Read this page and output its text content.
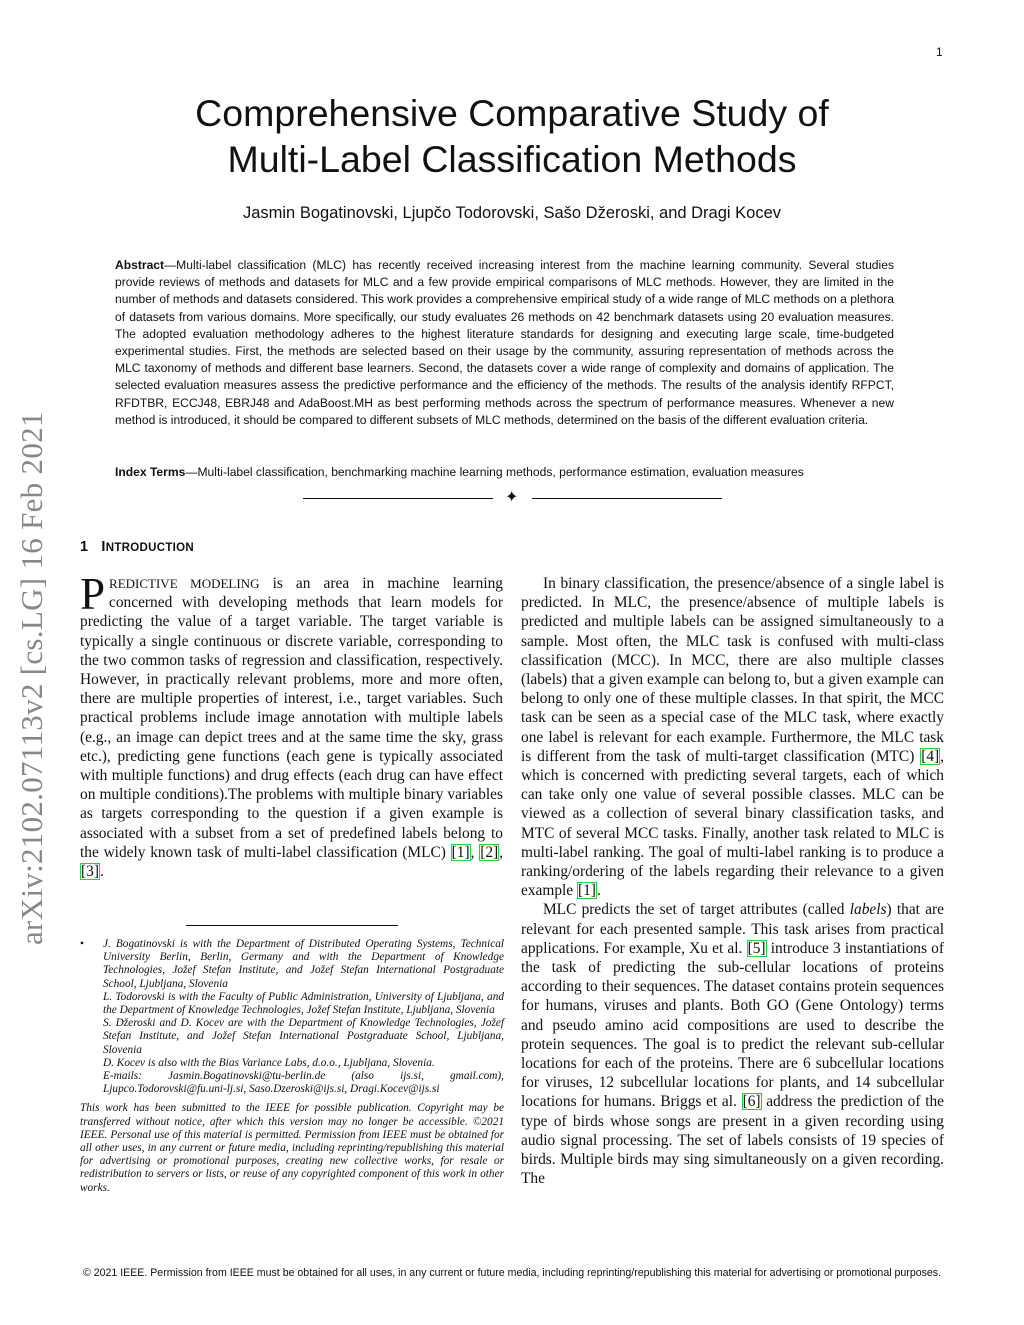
1
arXiv:2102.07113v2 [cs.LG] 16 Feb 2021
Comprehensive Comparative Study of
Multi-Label Classification Methods
Jasmin Bogatinovski, Ljupčo Todorovski, Sašo Džeroski, and Dragi Kocev
Abstract—Multi-label classification (MLC) has recently received increasing interest from the machine learning community. Several studies provide reviews of methods and datasets for MLC and a few provide empirical comparisons of MLC methods. However, they are limited in the number of methods and datasets considered. This work provides a comprehensive empirical study of a wide range of MLC methods on a plethora of datasets from various domains. More specifically, our study evaluates 26 methods on 42 benchmark datasets using 20 evaluation measures. The adopted evaluation methodology adheres to the highest literature standards for designing and executing large scale, time-budgeted experimental studies. First, the methods are selected based on their usage by the community, assuring representation of methods across the MLC taxonomy of methods and different base learners. Second, the datasets cover a wide range of complexity and domains of application. The selected evaluation measures assess the predictive performance and the efficiency of the methods. The results of the analysis identify RFPCT, RFDTBR, ECCJ48, EBRJ48 and AdaBoost.MH as best performing methods across the spectrum of performance measures. Whenever a new method is introduced, it should be compared to different subsets of MLC methods, determined on the basis of the different evaluation criteria.
Index Terms—Multi-label classification, benchmarking machine learning methods, performance estimation, evaluation measures
✦
1 INTRODUCTION

PREDICTIVE MODELING is an area in machine learning concerned with developing methods that learn models for predicting the value of a target variable. The target variable is typically a single continuous or discrete variable, corresponding to the two common tasks of regression and classification, respectively. However, in practically relevant problems, more and more often, there are multiple properties of interest, i.e., target variables. Such practical problems include image annotation with multiple labels (e.g., an image can depict trees and at the same time the sky, grass etc.), predicting gene functions (each gene is typically associated with multiple functions) and drug effects (each drug can have effect on multiple conditions).The problems with multiple binary variables as targets corresponding to the question if a given example is associated with a subset from a set of predefined labels belong to the widely known task of multi-label classification (MLC) [1], [2], [3].

• J. Bogatinovski is with the Department of Distributed Operating Systems, Technical University Berlin, Berlin, Germany and with the Department of Knowledge Technologies, Jožef Stefan Institute, and Jožef Stefan International Postgraduate School, Ljubljana, Slovenia
L. Todorovski is with the Faculty of Public Administration, University of Ljubljana, and the Department of Knowledge Technologies, Jožef Stefan Institute, Ljubljana, Slovenia
S. Džeroski and D. Kocev are with the Department of Knowledge Technologies, Jožef Stefan Institute, and Jožef Stefan International Postgraduate School, Ljubljana, Slovenia
D. Kocev is also with the Bias Variance Labs, d.o.o., Ljubljana, Slovenia.
E-mails: Jasmin.Bogatinovski@tu-berlin.de (also ijs.si, gmail.com), Ljupco.Todorovski@fu.uni-lj.si, Saso.Dzeroski@ijs.si, Dragi.Kocev@ijs.si
This work has been submitted to the IEEE for possible publication. Copyright may be transferred without notice, after which this version may no longer be accessible. ©2021 IEEE. Personal use of this material is permitted. Permission from IEEE must be obtained for all other uses, in any current or future media, including reprinting/republishing this material for advertising or promotional purposes, creating new collective works, for resale or redistribution to servers or lists, or reuse of any copyrighted component of this work in other works.

In binary classification, the presence/absence of a single label is predicted. In MLC, the presence/absence of multiple labels is predicted and multiple labels can be assigned simultaneously to a sample. Most often, the MLC task is confused with multi-class classification (MCC). In MCC, there are also multiple classes (labels) that a given example can belong to, but a given example can belong to only one of these multiple classes. In that spirit, the MCC task can be seen as a special case of the MLC task, where exactly one label is relevant for each example. Furthermore, the MLC task is different from the task of multi-target classification (MTC) [4], which is concerned with predicting several targets, each of which can take only one value of several possible classes. MLC can be viewed as a collection of several binary classification tasks, and MTC of several MCC tasks. Finally, another task related to MLC is multi-label ranking. The goal of multi-label ranking is to produce a ranking/ordering of the labels regarding their relevance to a given example [1].

MLC predicts the set of target attributes (called labels) that are relevant for each presented sample. This task arises from practical applications. For example, Xu et al. [5] introduce 3 instantiations of the task of predicting the sub-cellular locations of proteins according to their sequences. The dataset contains protein sequences for humans, viruses and plants. Both GO (Gene Ontology) terms and pseudo amino acid compositions are used to describe the protein sequences. The goal is to predict the relevant sub-cellular locations for each of the proteins. There are 6 subcellular locations for viruses, 12 subcellular locations for plants, and 14 subcellular locations for humans. Briggs et al. [6] address the prediction of the type of birds whose songs are present in a given recording using audio signal processing. The set of labels consists of 19 species of birds. Multiple birds may sing simultaneously on a given recording. The

© 2021 IEEE. Permission from IEEE must be obtained for all uses, in any current or future media, including reprinting/republishing this material for advertising or promotional purposes.
